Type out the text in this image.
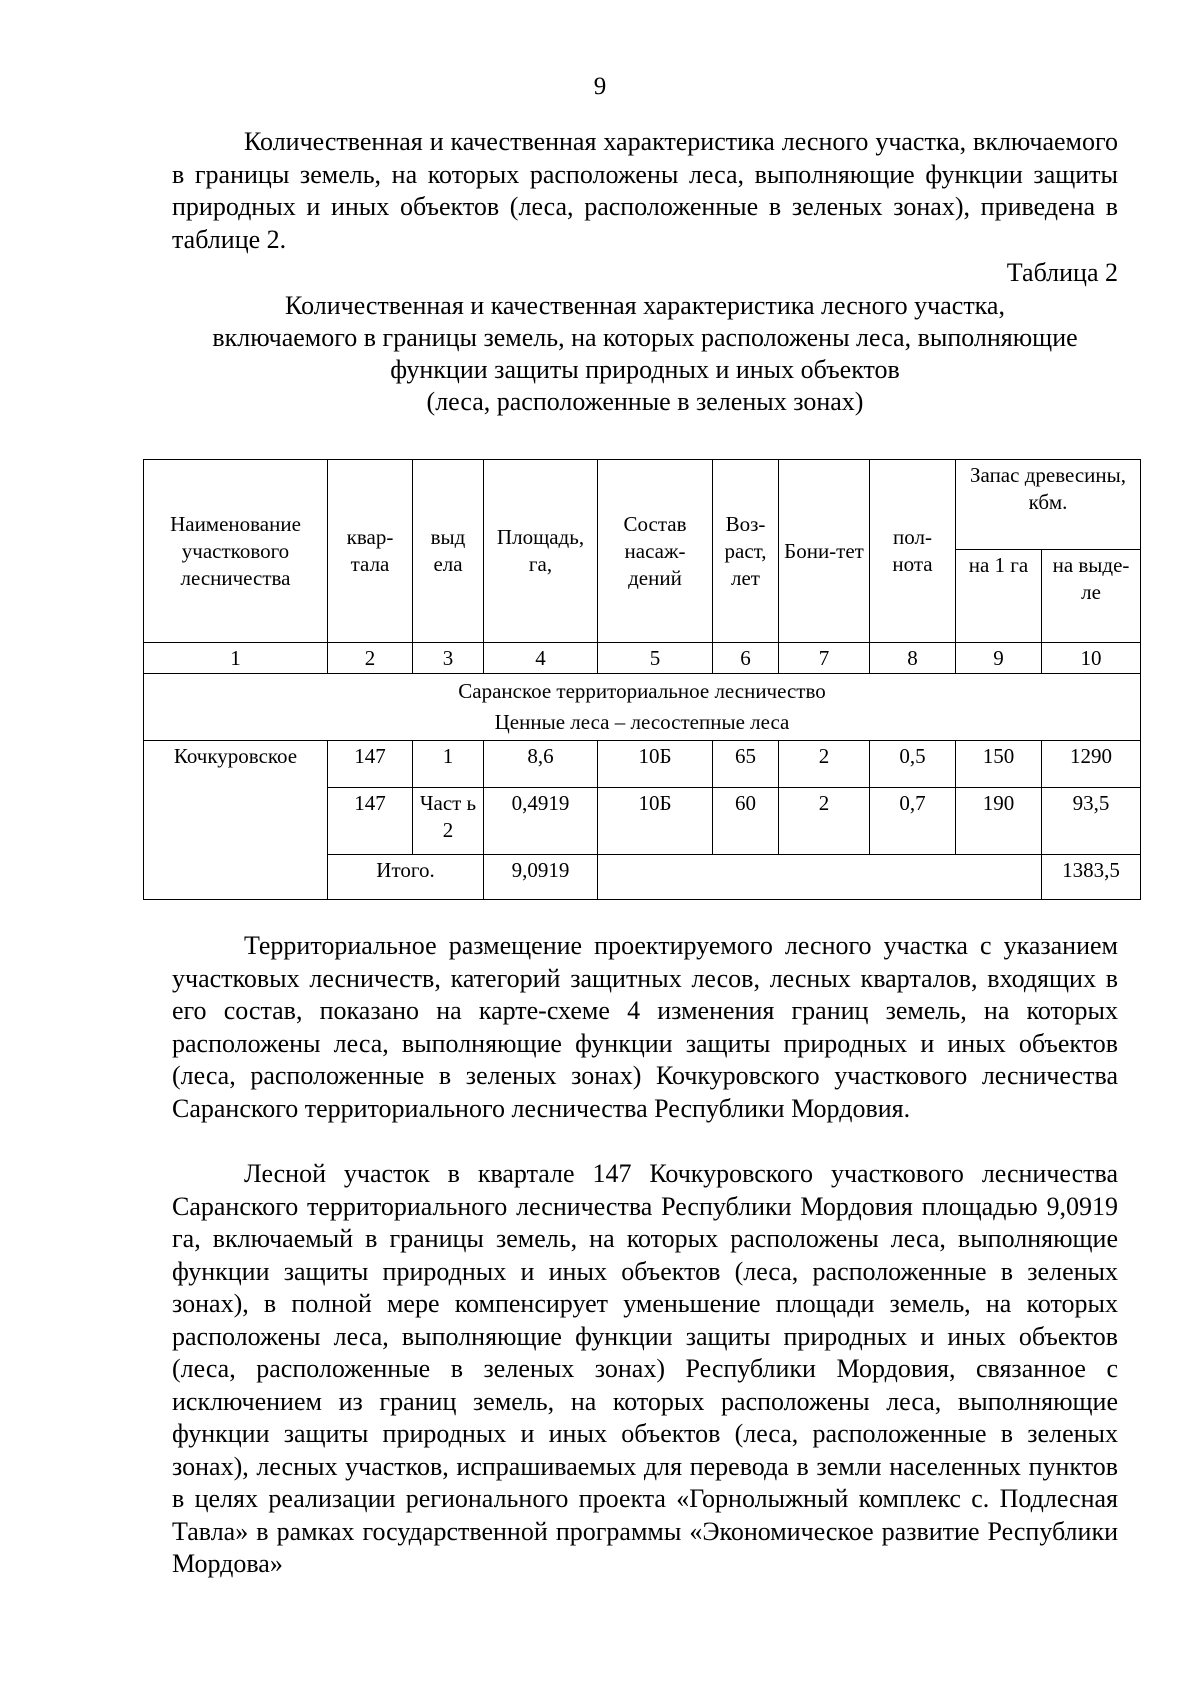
9

Количественная и качественная характеристика лесного участка, включаемого в границы земель, на которых расположены леса, выполняющие функции защиты природных и иных объектов (леса, расположенные в зеленых зонах), приведена в таблице 2.

Таблица 2
Количественная и качественная характеристика лесного участка,
включаемого в границы земель, на которых расположены леса, выполняющие
функции защиты природных и иных объектов
(леса, расположенные в зеленых зонах)
Наименование участкового лесничества	квар-тала	выд ела	Площадь, га,	Состав насаж-дений	Воз-раст, лет	Бони-тет	пол-нота	Запас древесины, кбм.	
								на 1 га	на выде-ле
1	2	3	4	5	6	7	8	9	10

Саранское территориальное лесничество
Ценные леса – лесостепные леса									

Кочкуровское	147	1	8,6	10Б	65	2	0,5	150	1290
	147	Част ь 2	0,4919	10Б	60	2	0,7	190	93,5
	Итого.		9,0919						1383,5

Территориальное размещение проектируемого лесного участка с указанием участковых лесничеств, категорий защитных лесов, лесных кварталов, входящих в его состав, показано на карте-схеме 4 изменения границ земель, на которых расположены леса, выполняющие функции защиты природных и иных объектов (леса, расположенные в зеленых зонах) Кочкуровского участкового лесничества Саранского территориального лесничества Республики Мордовия.

Лесной участок в квартале 147 Кочкуровского участкового лесничества Саранского территориального лесничества Республики Мордовия площадью 9,0919 га, включаемый в границы земель, на которых расположены леса, выполняющие функции защиты природных и иных объектов (леса, расположенные в зеленых зонах), в полной мере компенсирует уменьшение площади земель, на которых расположены леса, выполняющие функции защиты природных и иных объектов (леса, расположенные в зеленых зонах) Республики Мордовия, связанное с исключением из границ земель, на которых расположены леса, выполняющие функции защиты природных и иных объектов (леса, расположенные в зеленых зонах), лесных участков, испрашиваемых для перевода в земли населенных пунктов в целях реализации регионального проекта «Горнолыжный комплекс с. Подлесная Тавла» в рамках государственной программы «Экономическое развитие Республики Мордова»
